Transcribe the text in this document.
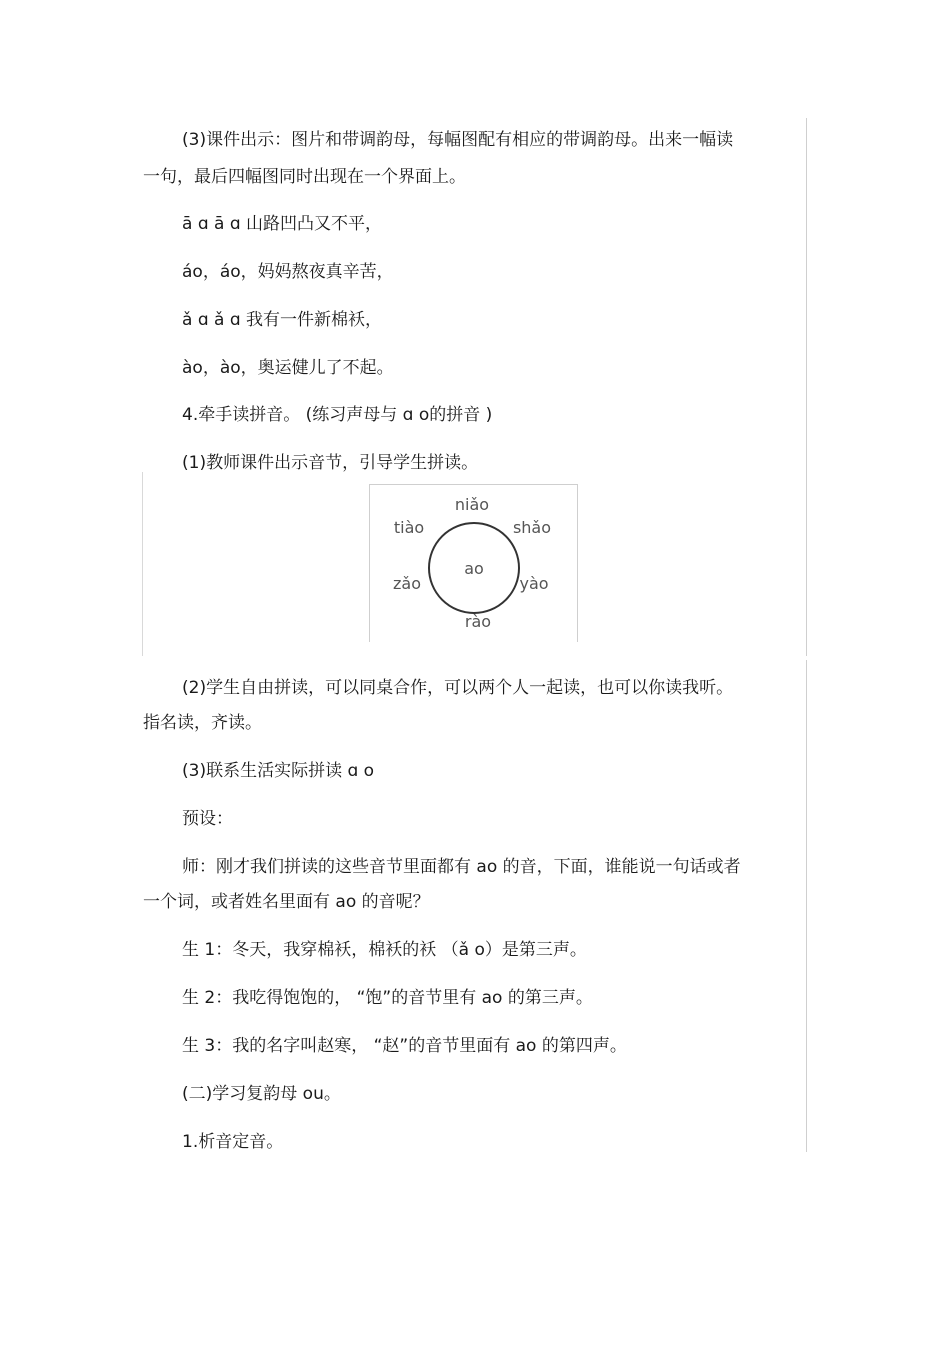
(3)课件出示：图片和带调韵母，每幅图配有相应的带调韵母。出来一幅读
一句，最后四幅图同时出现在一个界面上。
ā ɑ ā ɑ 山路凹凸又不平，
áo，áo，妈妈熬夜真辛苦，
ǎ ɑ ǎ ɑ 我有一件新棉袄，
ào，ào，奥运健儿了不起。
4.牵手读拼音。 (练习声母与 ɑ o的拼音 )
(1)教师课件出示音节，引导学生拼读。
ao
niǎo
shǎo
yào
rào
zǎo
tiào
(2)学生自由拼读，可以同桌合作，可以两个人一起读，也可以你读我听。
指名读，齐读。
(3)联系生活实际拼读 ɑ o
预设：
师：刚才我们拼读的这些音节里面都有 ao 的音，下面，谁能说一句话或者
一个词，或者姓名里面有 ao 的音呢？
生 1：冬天，我穿棉袄，棉袄的袄 （ǎ o）是第三声。
生 2：我吃得饱饱的， “饱”的音节里有 ao 的第三声。
生 3：我的名字叫赵寒， “赵”的音节里面有 ao 的第四声。
(二)学习复韵母 ou。
1.析音定音。
